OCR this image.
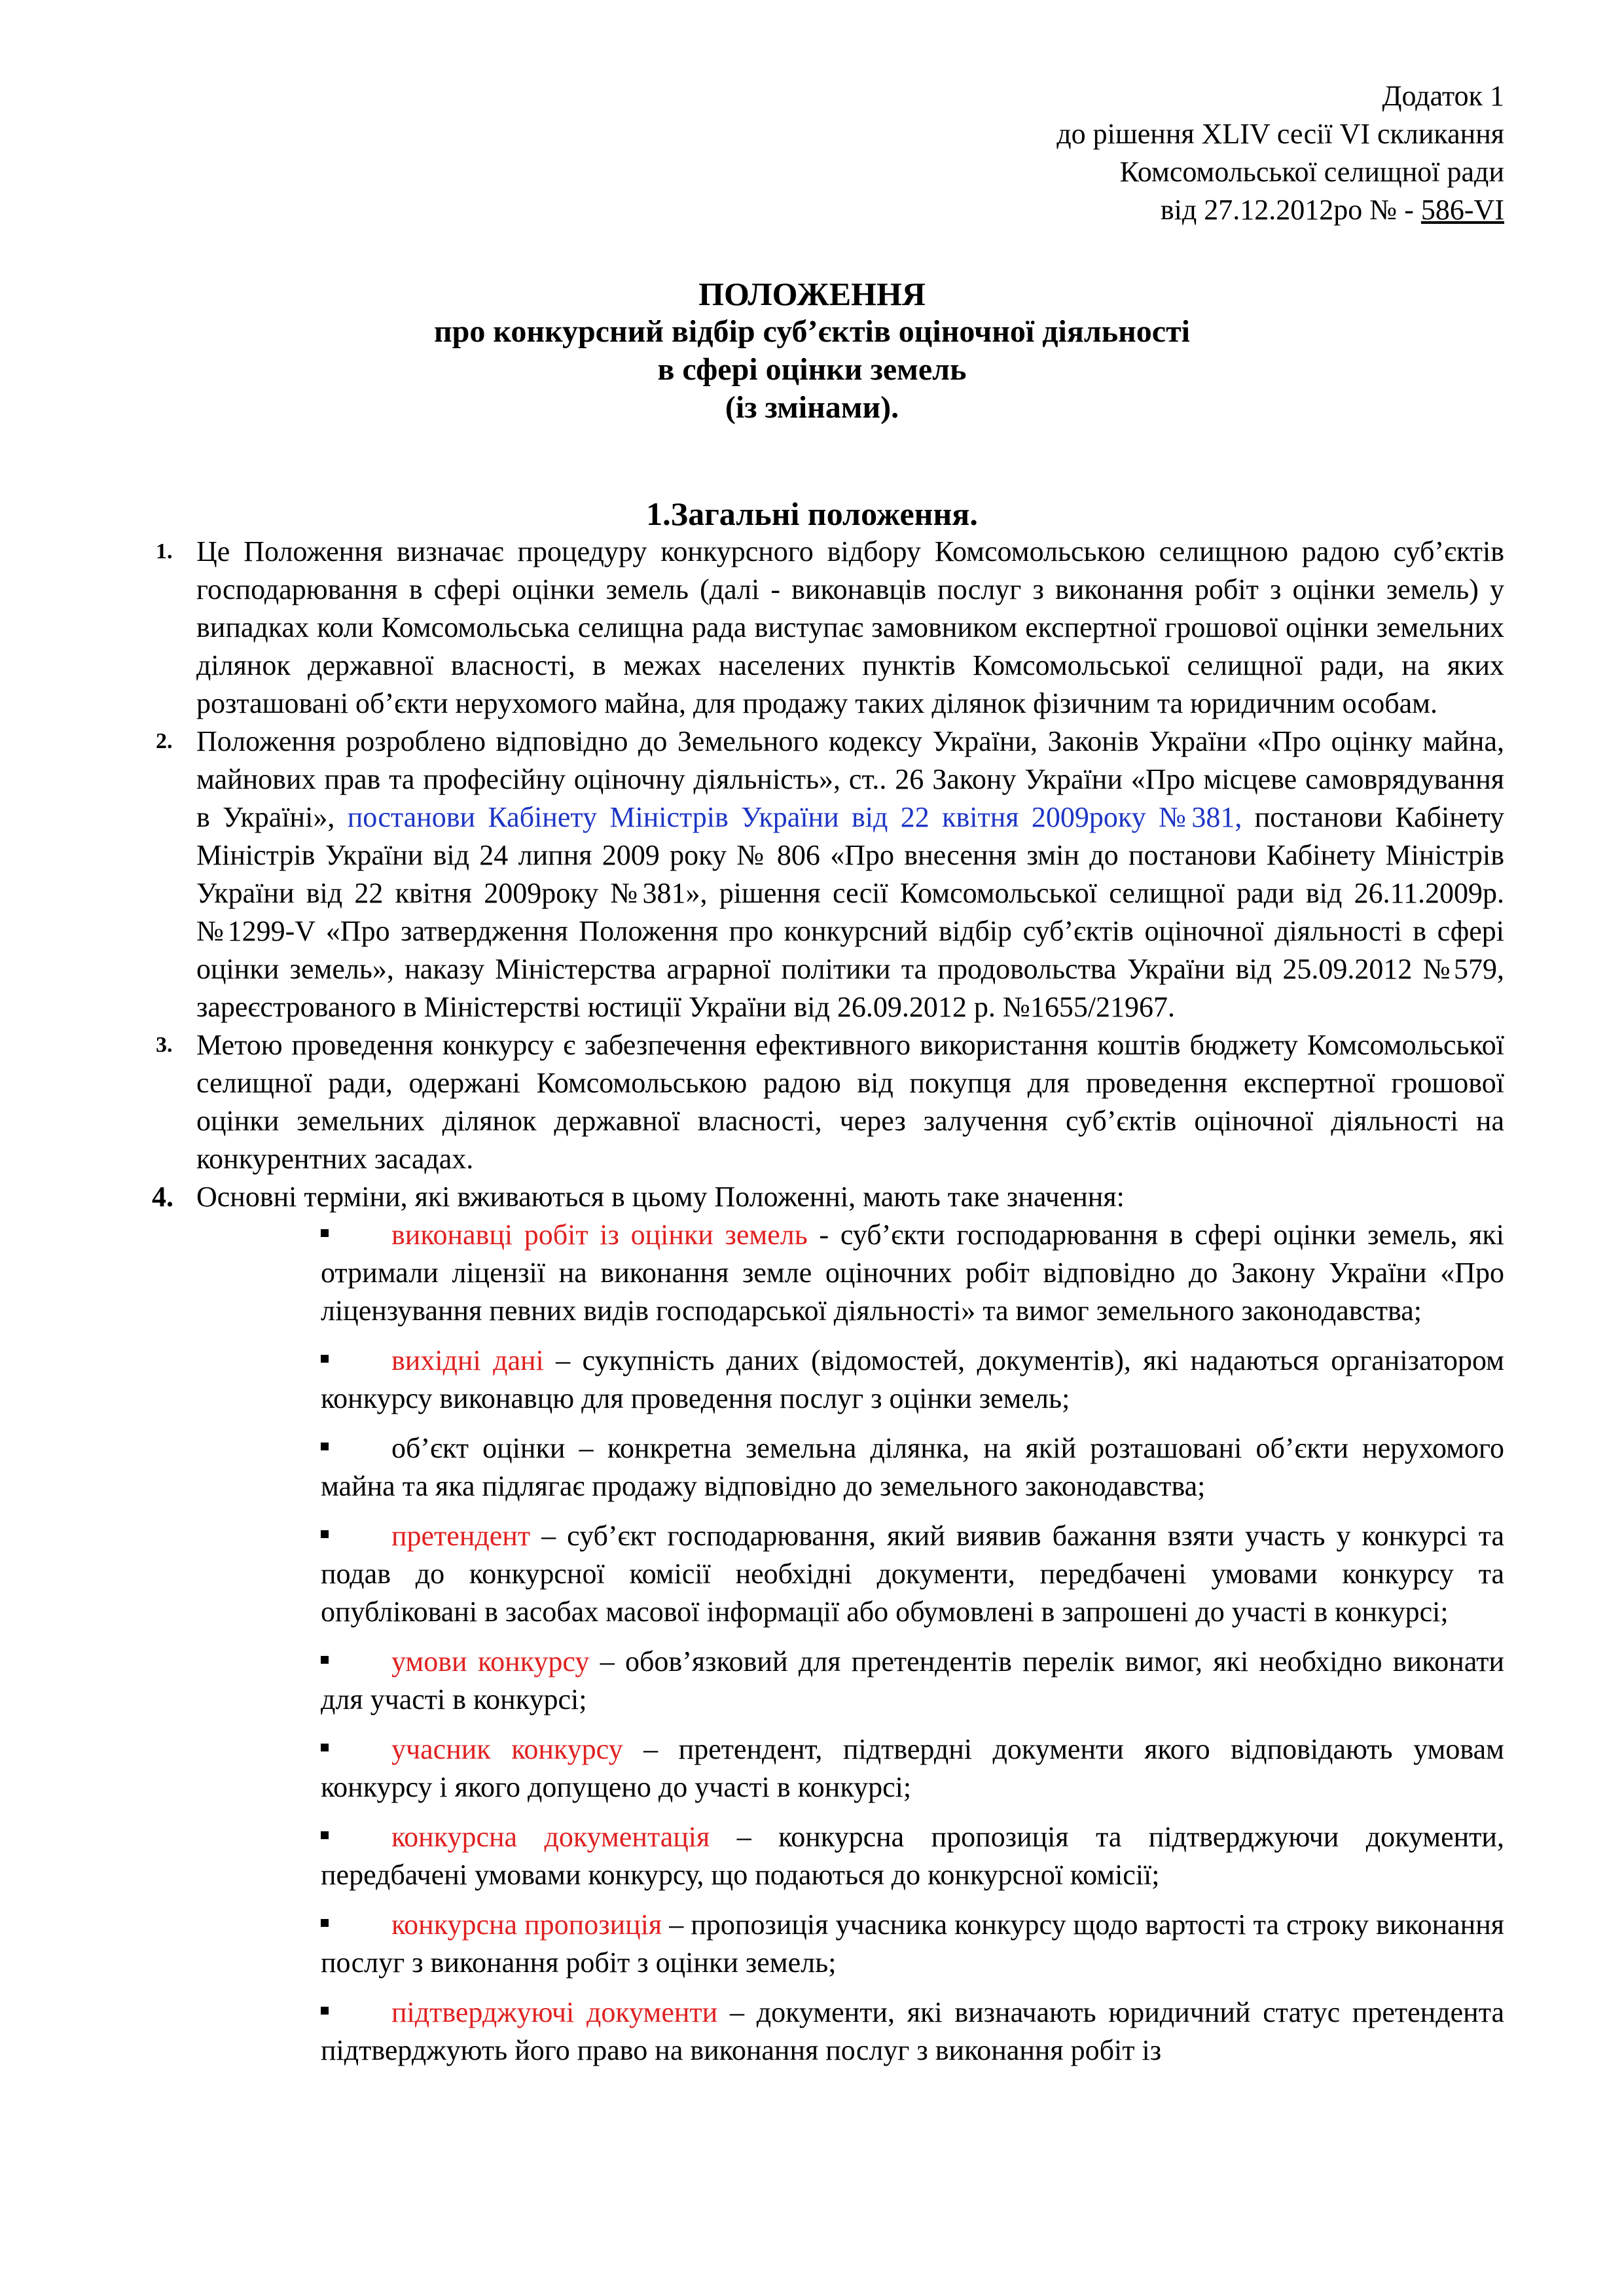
Додаток 1
до рішення XLIV сесії VI скликання
Комсомольської селищної ради
від 27.12.2012ро № - 586-VI
ПОЛОЖЕННЯ
про конкурсний відбір суб’єктів оціночної діяльності
в сфері оцінки земель
(із змінами).
1.Загальні положення.
1. Це Положення визначає процедуру конкурсного відбору Комсомольською селищною радою суб’єктів господарювання в сфері оцінки земель (далі - виконавців послуг з виконання робіт з оцінки земель) у випадках коли Комсомольська селищна рада виступає замовником експертної грошової оцінки земельних ділянок державної власності, в межах населених пунктів Комсомольської селищної ради, на яких розташовані об’єкти нерухомого майна, для продажу таких ділянок фізичним та юридичним особам.
2. Положення розроблено відповідно до Земельного кодексу України, Законів України «Про оцінку майна, майнових прав та професійну оціночну діяльність», ст.. 26 Закону України «Про місцеве самоврядування в Україні», постанови Кабінету Міністрів України від 22 квітня 2009року №381, постанови Кабінету Міністрів України від 24 липня 2009 року № 806 «Про внесення змін до постанови Кабінету Міністрів України від 22 квітня 2009року №381», рішення сесії Комсомольської селищної ради від 26.11.2009р. №1299-V «Про затвердження Положення про конкурсний відбір суб’єктів оціночної діяльності в сфері оцінки земель», наказу Міністерства аграрної політики та продовольства України від 25.09.2012 №579, зареєстрованого в Міністерстві юстиції України від 26.09.2012 р. №1655/21967.
3. Метою проведення конкурсу є забезпечення ефективного використання коштів бюджету Комсомольської селищної ради, одержані Комсомольською радою від покупця для проведення експертної грошової оцінки земельних ділянок державної власності, через залучення суб’єктів оціночної діяльності на конкурентних засадах.
4. Основні терміни, які вживаються в цьому Положенні, мають таке значення:
виконавці робіт із оцінки земель - суб’єкти господарювання в сфері оцінки земель, які отримали ліцензії на виконання земле оціночних робіт відповідно до Закону України «Про ліцензування певних видів господарської діяльності» та вимог земельного законодавства;
вихідні дані – сукупність даних (відомостей, документів), які надаються організатором конкурсу виконавцю для проведення послуг з оцінки земель;
об’єкт оцінки – конкретна земельна ділянка, на якій розташовані об’єкти нерухомого майна та яка підлягає продажу відповідно до земельного законодавства;
претендент – суб’єкт господарювання, який виявив бажання взяти участь у конкурсі та подав до конкурсної комісії необхідні документи, передбачені умовами конкурсу та опубліковані в засобах масової інформації або обумовлені в запрошені до участі в конкурсі;
умови конкурсу – обов’язковий для претендентів перелік вимог, які необхідно виконати для участі в конкурсі;
учасник конкурсу – претендент, підтвердні документи якого відповідають умовам конкурсу і якого допущено до участі в конкурсі;
конкурсна документація – конкурсна пропозиція та підтверджуючи документи, передбачені умовами конкурсу, що подаються до конкурсної комісії;
конкурсна пропозиція – пропозиція учасника конкурсу щодо вартості та строку виконання послуг з виконання робіт з оцінки земель;
підтверджуючі документи – документи, які визначають юридичний статус претендента підтверджують його право на виконання послуг з виконання робіт із
